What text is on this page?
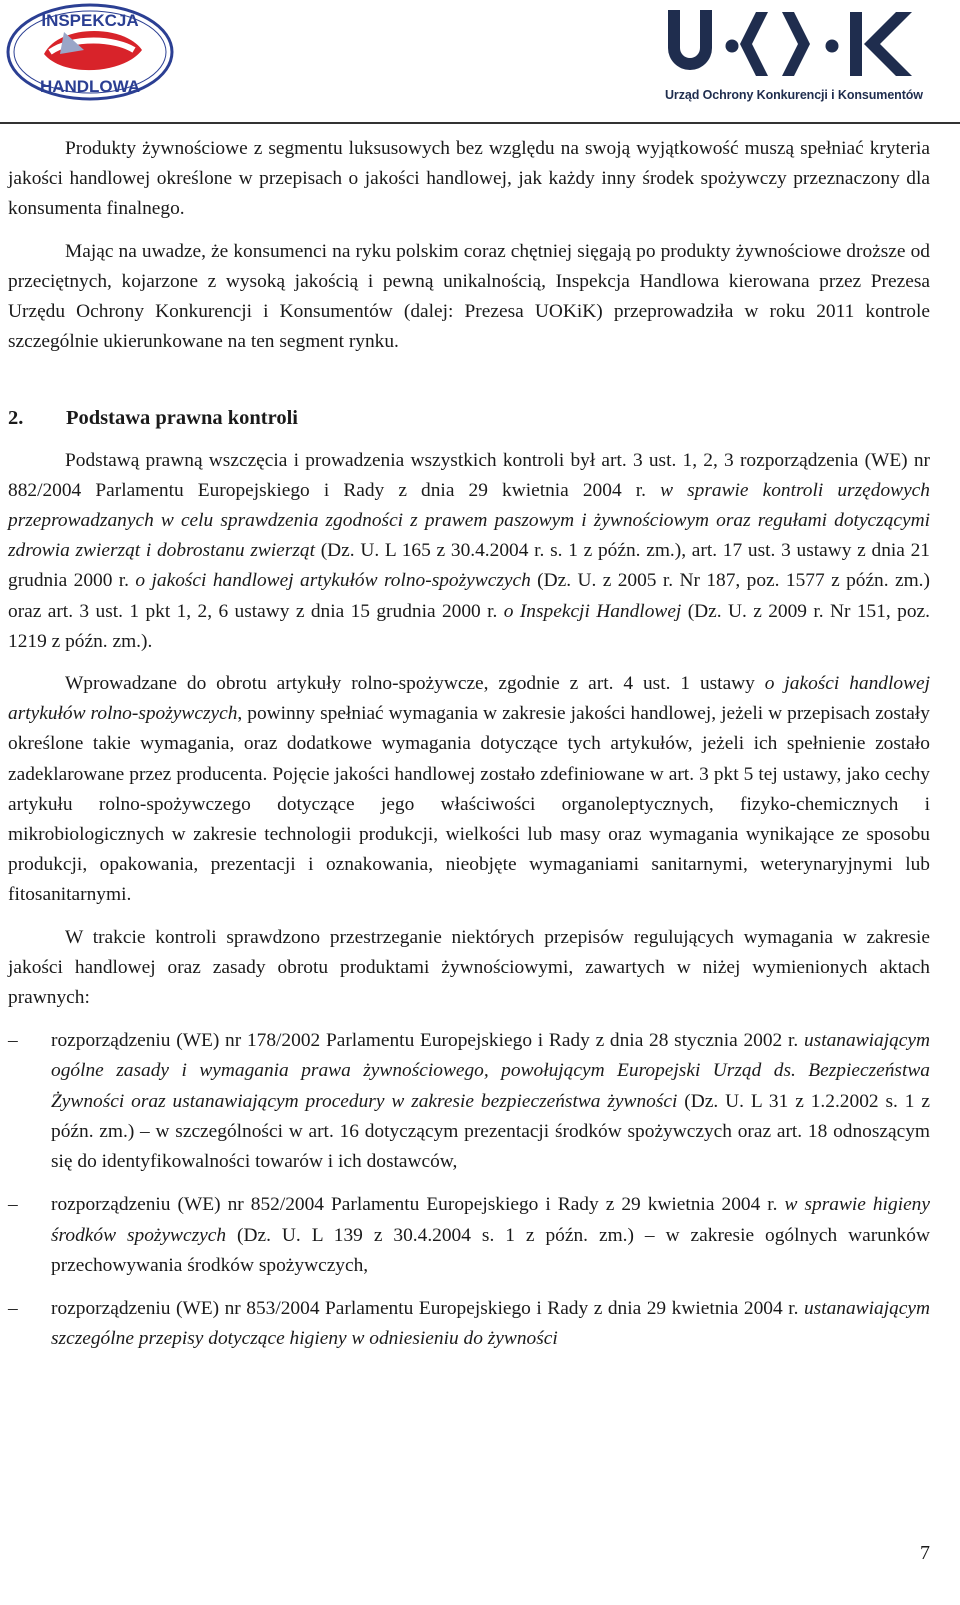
INSPEKCJA
HANDLOWA	Urząd Ochrony Konkurencji i Konsumentów

Produkty żywnościowe z segmentu luksusowych bez względu na swoją wyjątkowość muszą spełniać kryteria jakości handlowej określone w przepisach o jakości handlowej, jak każdy inny środek spożywczy przeznaczony dla konsumenta finalnego.

Mając na uwadze, że konsumenci na ryku polskim coraz chętniej sięgają po produkty żywnościowe droższe od przeciętnych, kojarzone z wysoką jakością i pewną unikalnością, Inspekcja Handlowa kierowana przez Prezesa Urzędu Ochrony Konkurencji i Konsumentów (dalej: Prezesa UOKiK) przeprowadziła w roku 2011 kontrole szczególnie ukierunkowane na ten segment rynku.

2.	Podstawa prawna kontroli

Podstawą prawną wszczęcia i prowadzenia wszystkich kontroli był art. 3 ust. 1, 2, 3 rozporządzenia (WE) nr 882/2004 Parlamentu Europejskiego i Rady z dnia 29 kwietnia 2004 r. w sprawie kontroli urzędowych przeprowadzanych w celu sprawdzenia zgodności z prawem paszowym i żywnościowym oraz regułami dotyczącymi zdrowia zwierząt i dobrostanu zwierząt (Dz. U. L 165 z 30.4.2004 r. s. 1 z późn. zm.), art. 17 ust. 3 ustawy z dnia 21 grudnia 2000 r. o jakości handlowej artykułów rolno-spożywczych (Dz. U. z 2005 r. Nr 187, poz. 1577 z późn. zm.) oraz art. 3 ust. 1 pkt 1, 2, 6 ustawy z dnia 15 grudnia 2000 r. o Inspekcji Handlowej (Dz. U. z 2009 r. Nr 151, poz. 1219 z późn. zm.).

Wprowadzane do obrotu artykuły rolno-spożywcze, zgodnie z art. 4 ust. 1 ustawy o jakości handlowej artykułów rolno-spożywczych, powinny spełniać wymagania w zakresie jakości handlowej, jeżeli w przepisach zostały określone takie wymagania, oraz dodatkowe wymagania dotyczące tych artykułów, jeżeli ich spełnienie zostało zadeklarowane przez producenta. Pojęcie jakości handlowej zostało zdefiniowane w art. 3 pkt 5 tej ustawy, jako cechy artykułu rolno-spożywczego dotyczące jego właściwości organoleptycznych, fizyko-chemicznych i mikrobiologicznych w zakresie technologii produkcji, wielkości lub masy oraz wymagania wynikające ze sposobu produkcji, opakowania, prezentacji i oznakowania, nieobjęte wymaganiami sanitarnymi, weterynaryjnymi lub fitosanitarnymi.

W trakcie kontroli sprawdzono przestrzeganie niektórych przepisów regulujących wymagania w zakresie jakości handlowej oraz zasady obrotu produktami żywnościowymi, zawartych w niżej wymienionych aktach prawnych:

– rozporządzeniu (WE) nr 178/2002 Parlamentu Europejskiego i Rady z dnia 28 stycznia 2002 r. ustanawiającym ogólne zasady i wymagania prawa żywnościowego, powołującym Europejski Urząd ds. Bezpieczeństwa Żywności oraz ustanawiającym procedury w zakresie bezpieczeństwa żywności (Dz. U. L 31 z 1.2.2002 s. 1 z późn. zm.) – w szczególności w art. 16 dotyczącym prezentacji środków spożywczych oraz art. 18 odnoszącym się do identyfikowalności towarów i ich dostawców,
– rozporządzeniu (WE) nr 852/2004 Parlamentu Europejskiego i Rady z 29 kwietnia 2004 r. w sprawie higieny środków spożywczych (Dz. U. L 139 z 30.4.2004 s. 1 z późn. zm.) – w zakresie ogólnych warunków przechowywania środków spożywczych,
– rozporządzeniu (WE) nr 853/2004 Parlamentu Europejskiego i Rady z dnia 29 kwietnia 2004 r. ustanawiającym szczególne przepisy dotyczące higieny w odniesieniu do żywności
7
